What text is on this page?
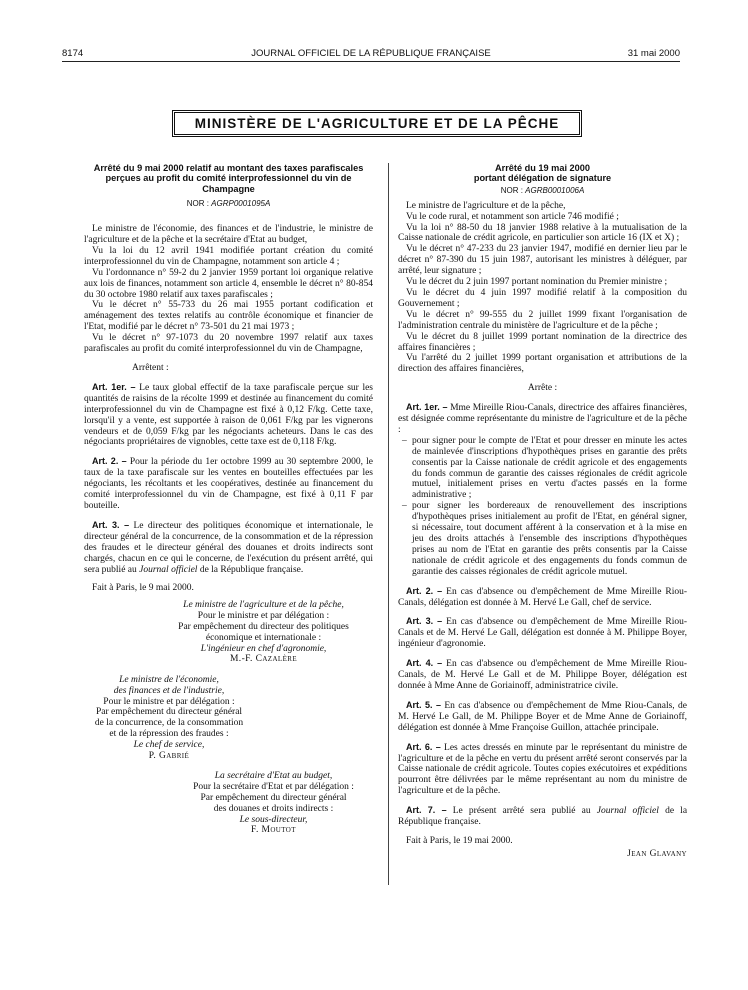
8174	JOURNAL OFFICIEL DE LA RÉPUBLIQUE FRANÇAISE	31 mai 2000
MINISTÈRE DE L'AGRICULTURE ET DE LA PÊCHE
Arrêté du 9 mai 2000 relatif au montant des taxes parafiscales perçues au profit du comité interprofessionnel du vin de Champagne
NOR : AGRP0001095A

Le ministre de l'économie, des finances et de l'industrie, le ministre de l'agriculture et de la pêche et la secrétaire d'Etat au budget,

Vu la loi du 12 avril 1941 modifiée portant création du comité interprofessionnel du vin de Champagne, notamment son article 4 ;

Vu l'ordonnance n° 59-2 du 2 janvier 1959 portant loi organique relative aux lois de finances, notamment son article 4, ensemble le décret n° 80-854 du 30 octobre 1980 relatif aux taxes parafiscales ;

Vu le décret n° 55-733 du 26 mai 1955 portant codification et aménagement des textes relatifs au contrôle économique et financier de l'Etat, modifié par le décret n° 73-501 du 21 mai 1973 ;

Vu le décret n° 97-1073 du 20 novembre 1997 relatif aux taxes parafiscales au profit du comité interprofessionnel du vin de Champagne,

Arrêtent :

Art. 1er. – Le taux global effectif de la taxe parafiscale perçue sur les quantités de raisins de la récolte 1999 et destinée au financement du comité interprofessionnel du vin de Champagne est fixé à 0,12 F/kg. Cette taxe, lorsqu'il y a vente, est supportée à raison de 0,061 F/kg par les vignerons vendeurs et de 0,059 F/kg par les négociants acheteurs. Dans le cas des négociants propriétaires de vignobles, cette taxe est de 0,118 F/kg.

Art. 2. – Pour la période du 1er octobre 1999 au 30 septembre 2000, le taux de la taxe parafiscale sur les ventes en bouteilles effectuées par les négociants, les récoltants et les coopératives, destinée au financement du comité interprofessionnel du vin de Champagne, est fixé à 0,11 F par bouteille.

Art. 3. – Le directeur des politiques économique et internationale, le directeur général de la concurrence, de la consommation et de la répression des fraudes et le directeur général des douanes et droits indirects sont chargés, chacun en ce qui le concerne, de l'exécution du présent arrêté, qui sera publié au Journal officiel de la République française.

Fait à Paris, le 9 mai 2000.

Le ministre de l'agriculture et de la pêche,
Pour le ministre et par délégation :
Par empêchement du directeur des politiques
économique et internationale :
L'ingénieur en chef d'agronomie,
M.-F. Cazalère
Le ministre de l'économie,
des finances et de l'industrie,
Pour le ministre et par délégation :
Par empêchement du directeur général
de la concurrence, de la consommation
et de la répression des fraudes :
Le chef de service,
P. Gabrié
La secrétaire d'Etat au budget,
Pour la secrétaire d'Etat et par délégation :
Par empêchement du directeur général
des douanes et droits indirects :
Le sous-directeur,
F. Moutot
Arrêté du 19 mai 2000
portant délégation de signature
NOR : AGRB0001006A

Le ministre de l'agriculture et de la pêche,

Vu le code rural, et notamment son article 746 modifié ;

Vu la loi n° 88-50 du 18 janvier 1988 relative à la mutualisation de la Caisse nationale de crédit agricole, en particulier son article 16 (IX et X) ;

Vu le décret n° 47-233 du 23 janvier 1947, modifié en dernier lieu par le décret n° 87-390 du 15 juin 1987, autorisant les ministres à déléguer, par arrêté, leur signature ;

Vu le décret du 2 juin 1997 portant nomination du Premier ministre ;

Vu le décret du 4 juin 1997 modifié relatif à la composition du Gouvernement ;

Vu le décret n° 99-555 du 2 juillet 1999 fixant l'organisation de l'administration centrale du ministère de l'agriculture et de la pêche ;

Vu le décret du 8 juillet 1999 portant nomination de la directrice des affaires financières ;

Vu l'arrêté du 2 juillet 1999 portant organisation et attributions de la direction des affaires financières,

Arrête :

Art. 1er. – Mme Mireille Riou-Canals, directrice des affaires financières, est désignée comme représentante du ministre de l'agriculture et de la pêche :

– pour signer pour le compte de l'Etat et pour dresser en minute les actes de mainlevée d'inscriptions d'hypothèques prises en garantie des prêts consentis par la Caisse nationale de crédit agricole et des engagements du fonds commun de garantie des caisses régionales de crédit agricole mutuel, initialement prises en vertu d'actes passés en la forme administrative ;
– pour signer les bordereaux de renouvellement des inscriptions d'hypothèques prises initialement au profit de l'Etat, en général signer, si nécessaire, tout document afférent à la conservation et à la mise en jeu des droits attachés à l'ensemble des inscriptions d'hypothèques prises au nom de l'Etat en garantie des prêts consentis par la Caisse nationale de crédit agricole et des engagements du fonds commun de garantie des caisses régionales de crédit agricole mutuel.

Art. 2. – En cas d'absence ou d'empêchement de Mme Mireille Riou-Canals, délégation est donnée à M. Hervé Le Gall, chef de service.

Art. 3. – En cas d'absence ou d'empêchement de Mme Mireille Riou-Canals et de M. Hervé Le Gall, délégation est donnée à M. Philippe Boyer, ingénieur d'agronomie.

Art. 4. – En cas d'absence ou d'empêchement de Mme Mireille Riou-Canals, de M. Hervé Le Gall et de M. Philippe Boyer, délégation est donnée à Mme Anne de Goriainoff, administratrice civile.

Art. 5. – En cas d'absence ou d'empêchement de Mme Riou-Canals, de M. Hervé Le Gall, de M. Philippe Boyer et de Mme Anne de Goriainoff, délégation est donnée à Mme Françoise Guillon, attachée principale.

Art. 6. – Les actes dressés en minute par le représentant du ministre de l'agriculture et de la pêche en vertu du présent arrêté seront conservés par la Caisse nationale de crédit agricole. Toutes copies exécutoires et expéditions pourront être délivrées par le même représentant au nom du ministre de l'agriculture et de la pêche.

Art. 7. – Le présent arrêté sera publié au Journal officiel de la République française.

Fait à Paris, le 19 mai 2000.

Jean Glavany
